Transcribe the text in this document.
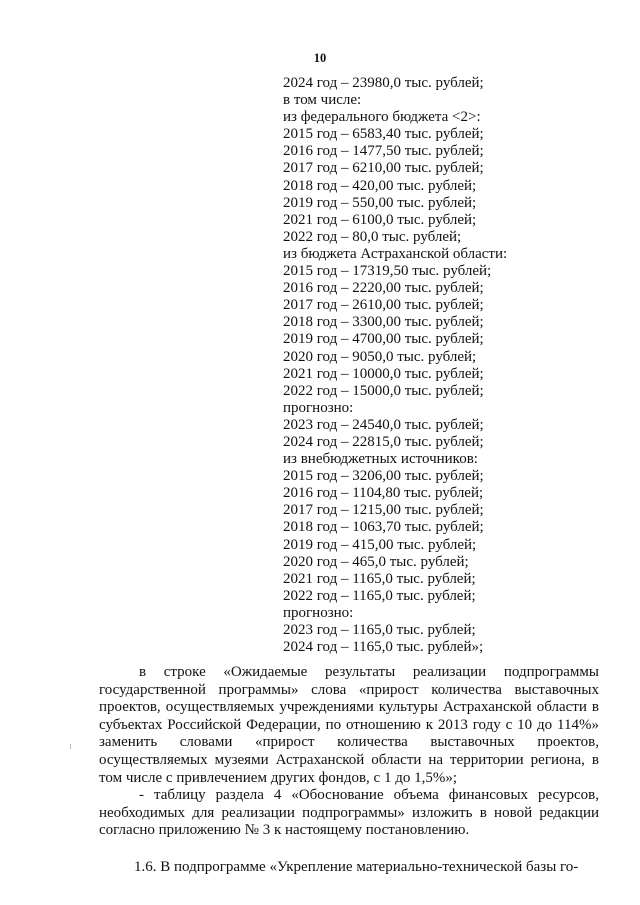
10
2024 год – 23980,0 тыс. рублей;
в том числе:
из федерального бюджета <2>:
2015 год – 6583,40 тыс. рублей;
2016 год – 1477,50 тыс. рублей;
2017 год – 6210,00 тыс. рублей;
2018 год – 420,00 тыс. рублей;
2019 год – 550,00 тыс. рублей;
2021 год – 6100,0 тыс. рублей;
2022 год – 80,0 тыс. рублей;
из бюджета Астраханской области:
2015 год – 17319,50 тыс. рублей;
2016 год – 2220,00 тыс. рублей;
2017 год – 2610,00 тыс. рублей;
2018 год – 3300,00 тыс. рублей;
2019 год – 4700,00 тыс. рублей;
2020 год – 9050,0 тыс. рублей;
2021 год – 10000,0 тыс. рублей;
2022 год – 15000,0 тыс. рублей;
прогнозно:
2023 год – 24540,0 тыс. рублей;
2024 год – 22815,0 тыс. рублей;
из внебюджетных источников:
2015 год – 3206,00 тыс. рублей;
2016 год – 1104,80 тыс. рублей;
2017 год – 1215,00 тыс. рублей;
2018 год – 1063,70 тыс. рублей;
2019 год – 415,00 тыс. рублей;
2020 год – 465,0 тыс. рублей;
2021 год – 1165,0 тыс. рублей;
2022 год – 1165,0 тыс. рублей;
прогнозно:
2023 год – 1165,0 тыс. рублей;
2024 год – 1165,0 тыс. рублей»;

в строке «Ожидаемые результаты реализации подпрограммы государственной программы» слова «прирост количества выставочных проектов, осуществляемых учреждениями культуры Астраханской области в субъектах Российской Федерации, по отношению к 2013 году с 10 до 114%» заменить словами «прирост количества выставочных проектов, осуществляемых музеями Астраханской области на территории региона, в том числе с привлечением других фондов, с 1 до 1,5%»;

- таблицу раздела 4 «Обоснование объема финансовых ресурсов, необходимых для реализации подпрограммы» изложить в новой редакции согласно приложению № 3 к настоящему постановлению.

1.6. В подпрограмме «Укрепление материально-технической базы го-
